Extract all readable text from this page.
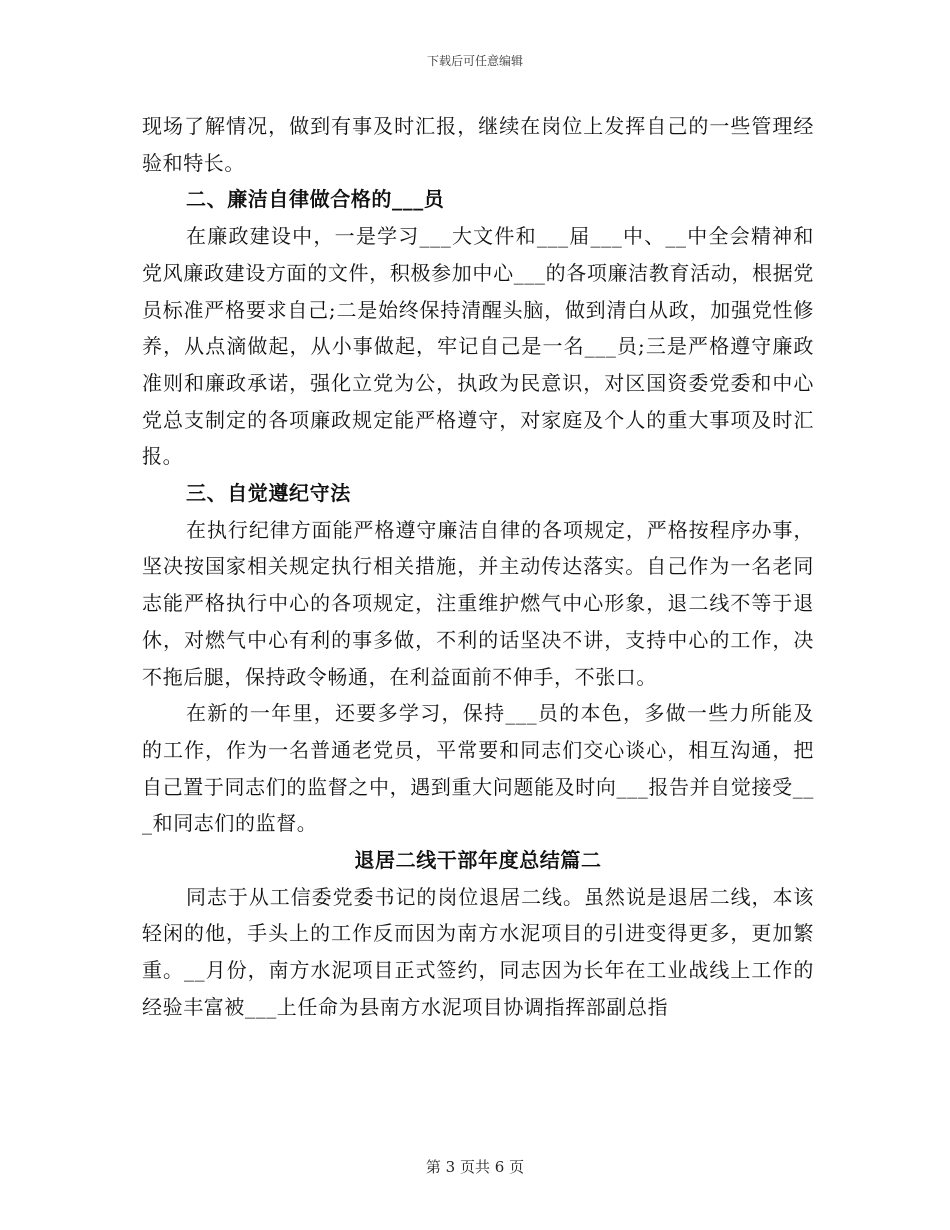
下载后可任意编辑

现场了解情况，做到有事及时汇报，继续在岗位上发挥自己的一些管理经验和特长。

二、廉洁自律做合格的___员

在廉政建设中，一是学习___大文件和___届___中、__中全会精神和党风廉政建设方面的文件，积极参加中心___的各项廉洁教育活动，根据党员标准严格要求自己;二是始终保持清醒头脑，做到清白从政，加强党性修养，从点滴做起，从小事做起，牢记自己是一名___员;三是严格遵守廉政准则和廉政承诺，强化立党为公，执政为民意识，对区国资委党委和中心党总支制定的各项廉政规定能严格遵守，对家庭及个人的重大事项及时汇报。

三、自觉遵纪守法

在执行纪律方面能严格遵守廉洁自律的各项规定，严格按程序办事，坚决按国家相关规定执行相关措施，并主动传达落实。自己作为一名老同志能严格执行中心的各项规定，注重维护燃气中心形象，退二线不等于退休，对燃气中心有利的事多做，不利的话坚决不讲，支持中心的工作，决不拖后腿，保持政令畅通，在利益面前不伸手，不张口。

在新的一年里，还要多学习，保持___员的本色，多做一些力所能及的工作，作为一名普通老党员，平常要和同志们交心谈心，相互沟通，把自己置于同志们的监督之中，遇到重大问题能及时向___报告并自觉接受___和同志们的监督。

退居二线干部年度总结篇二

同志于从工信委党委书记的岗位退居二线。虽然说是退居二线，本该轻闲的他，手头上的工作反而因为南方水泥项目的引进变得更多，更加繁重。__月份，南方水泥项目正式签约，同志因为长年在工业战线上工作的经验丰富被___上任命为县南方水泥项目协调指挥部副总指

第 3 页共 6 页
